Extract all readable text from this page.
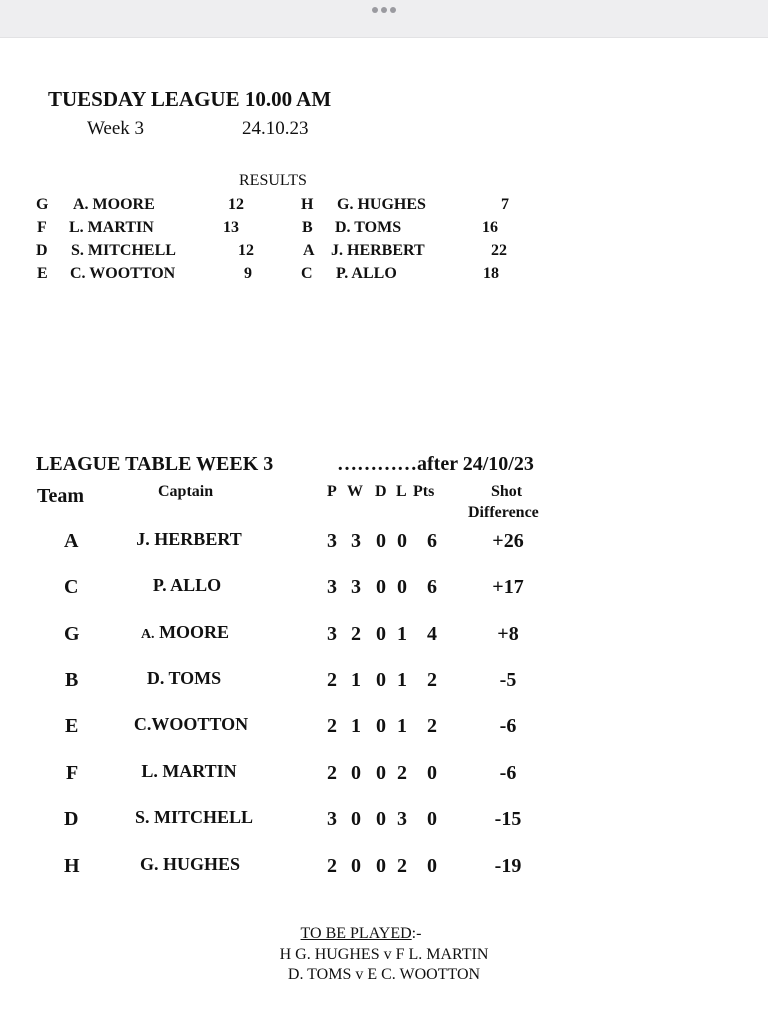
TUESDAY LEAGUE 10.00 AM
Week 3	24.10.23
RESULTS
G A. MOORE	12	H G. HUGHES	7
F L. MARTIN	13	B D. TOMS	16
D S. MITCHELL	12	A J. HERBERT	22
E C. WOOTTON	9	C P. ALLO	18
LEAGUE TABLE WEEK 3	…………after 24/10/23
Team	Captain	P W D L Pts	Shot
Difference
A	J. HERBERT	3 3 0 0 6	+26
C	P. ALLO	3 3 0 0 6	+17
G	A. MOORE	3 2 0 1 4	+8
B	D. TOMS	2 1 0 1 2	-5
E	C.WOOTTON	2 1 0 1 2	-6
F	L. MARTIN	2 0 0 2 0	-6
D	S. MITCHELL	3 0 0 3 0	-15
H	G. HUGHES	2 0 0 2 0	-19
TO BE PLAYED:-
H G. HUGHES v F L. MARTIN
D. TOMS v E C. WOOTTON
